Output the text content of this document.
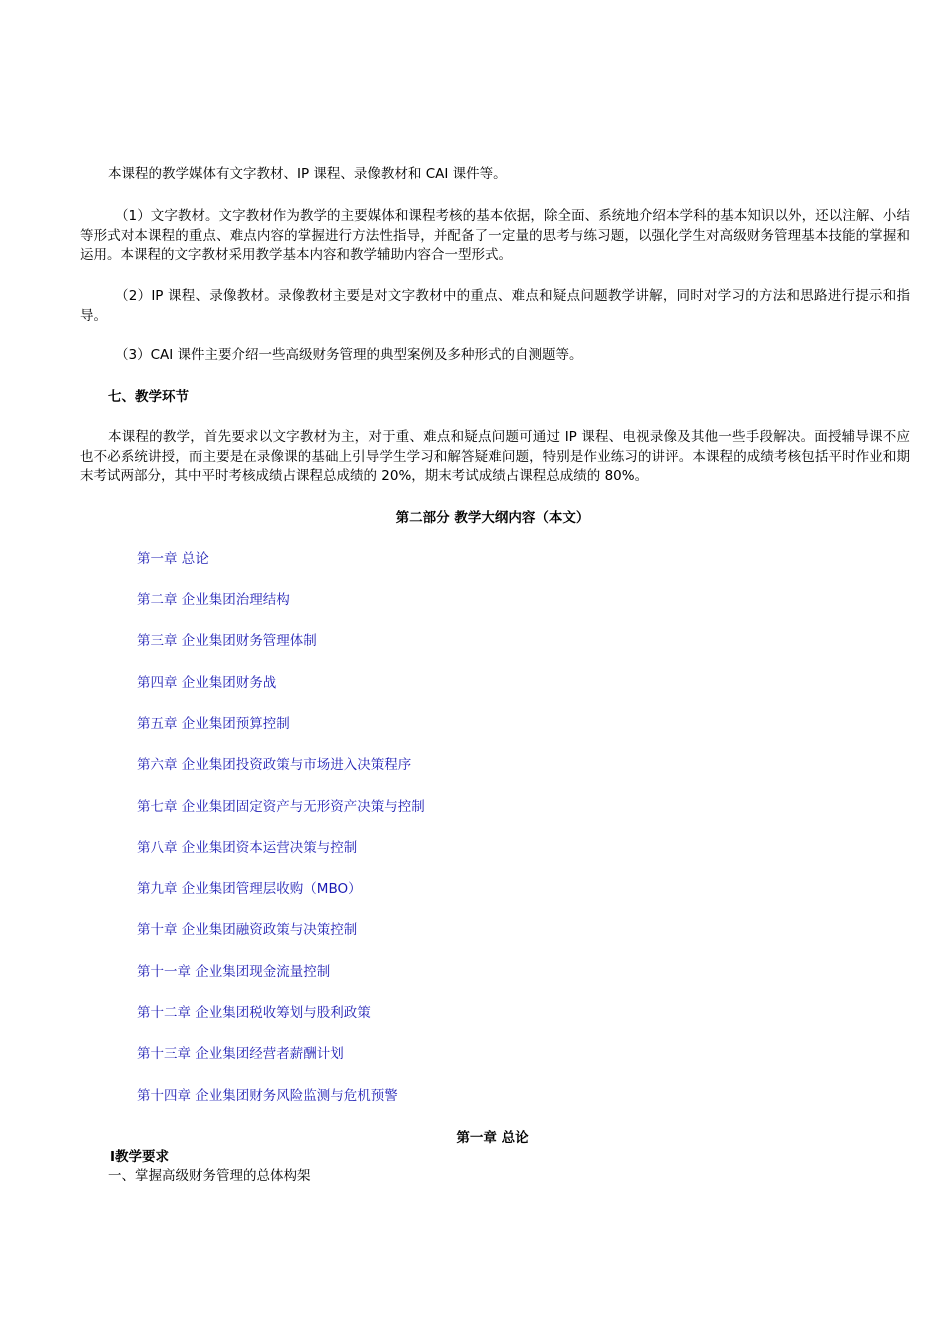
本课程的教学媒体有文字教材、IP 课程、录像教材和 CAI 课件等。

（1）文字教材。文字教材作为教学的主要媒体和课程考核的基本依据，除全面、系统地介绍本学科的基本知识以外，还以注解、小结等形式对本课程的重点、难点内容的掌握进行方法性指导，并配备了一定量的思考与练习题，以强化学生对高级财务管理基本技能的掌握和运用。本课程的文字教材采用教学基本内容和教学辅助内容合一型形式。

（2）IP 课程、录像教材。录像教材主要是对文字教材中的重点、难点和疑点问题教学讲解，同时对学习的方法和思路进行提示和指导。

（3）CAI 课件主要介绍一些高级财务管理的典型案例及多种形式的自测题等。

七、教学环节

本课程的教学，首先要求以文字教材为主，对于重、难点和疑点问题可通过 IP 课程、电视录像及其他一些手段解决。面授辅导课不应也不必系统讲授，而主要是在录像课的基础上引导学生学习和解答疑难问题，特别是作业练习的讲评。本课程的成绩考核包括平时作业和期末考试两部分，其中平时考核成绩占课程总成绩的 20%，期末考试成绩占课程总成绩的 80%。

第二部分 教学大纲内容（本文）

第一章 总论
第二章 企业集团治理结构
第三章 企业集团财务管理体制
第四章 企业集团财务战
第五章 企业集团预算控制
第六章 企业集团投资政策与市场进入决策程序
第七章 企业集团固定资产与无形资产决策与控制
第八章 企业集团资本运营决策与控制
第九章 企业集团管理层收购（MBO）
第十章 企业集团融资政策与决策控制
第十一章 企业集团现金流量控制
第十二章 企业集团税收筹划与股利政策
第十三章 企业集团经营者薪酬计划
第十四章 企业集团财务风险监测与危机预警

第一章 总论

Ⅰ教学要求

一、掌握高级财务管理的总体构架
